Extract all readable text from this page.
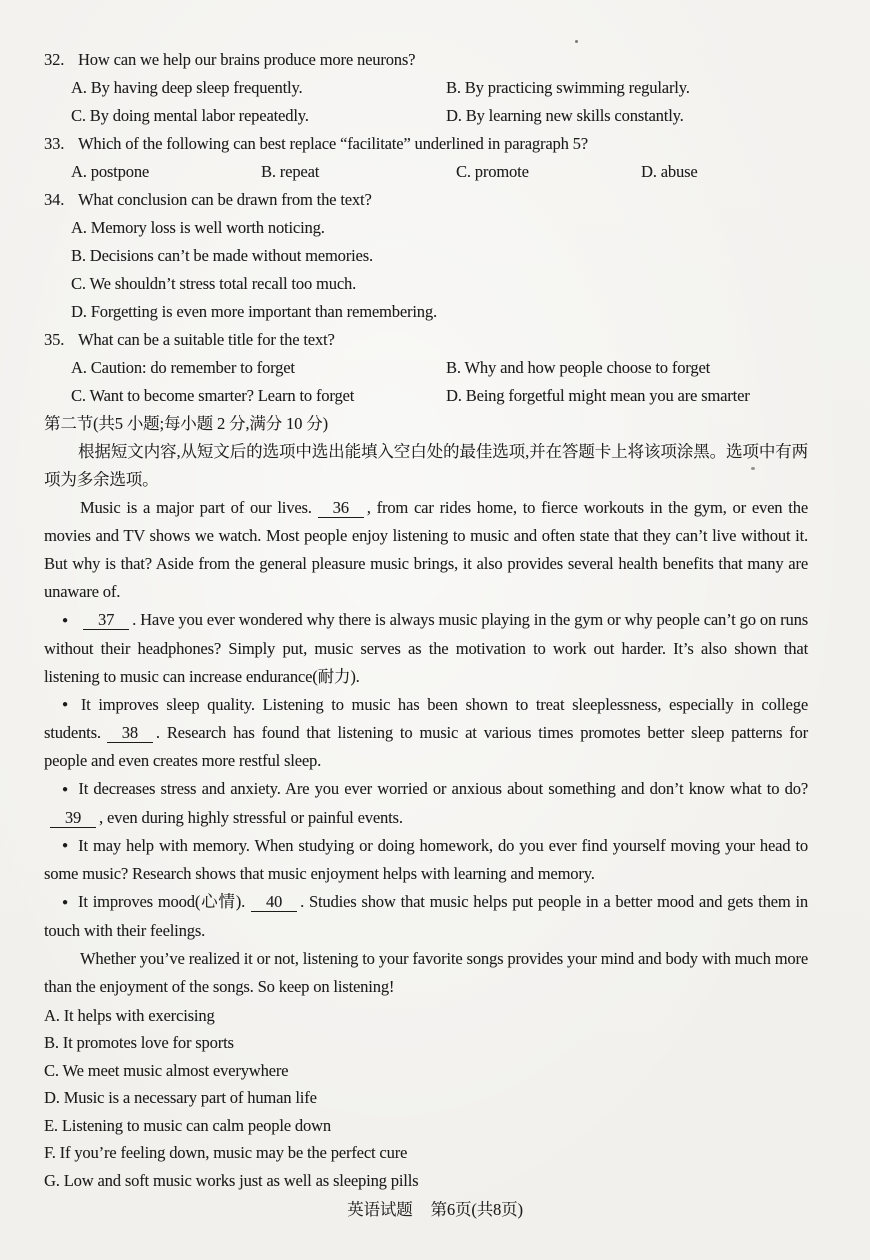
32. How can we help our brains produce more neurons?
A. By having deep sleep frequently.	B. By practicing swimming regularly.
C. By doing mental labor repeatedly.	D. By learning new skills constantly.
33. Which of the following can best replace “facilitate” underlined in paragraph 5?
A. postpone	B. repeat	C. promote	D. abuse
34. What conclusion can be drawn from the text?
A. Memory loss is well worth noticing.
B. Decisions can’t be made without memories.
C. We shouldn’t stress total recall too much.
D. Forgetting is even more important than remembering.
35. What can be a suitable title for the text?
A. Caution: do remember to forget	B. Why and how people choose to forget
C. Want to become smarter? Learn to forget	D. Being forgetful might mean you are smarter
第二节(共5 小题;每小题 2 分,满分 10 分)

根据短文内容,从短文后的选项中选出能填入空白处的最佳选项,并在答题卡上将该项涂黑。选项中有两项为多余选项。

Music is a major part of our lives. 36 , from car rides home, to fierce workouts in the gym, or even the movies and TV shows we watch. Most people enjoy listening to music and often state that they can’t live without it. But why is that? Aside from the general pleasure music brings, it also provides several health benefits that many are unaware of.

● 37 . Have you ever wondered why there is always music playing in the gym or why people can’t go on runs without their headphones? Simply put, music serves as the motivation to work out harder. It’s also shown that listening to music can increase endurance(耐力).

● It improves sleep quality. Listening to music has been shown to treat sleeplessness, especially in college students. 38 . Research has found that listening to music at various times promotes better sleep patterns for people and even creates more restful sleep.

● It decreases stress and anxiety. Are you ever worried or anxious about something and don’t know what to do?39 , even during highly stressful or painful events.

● It may help with memory. When studying or doing homework, do you ever find yourself moving your head to some music? Research shows that music enjoyment helps with learning and memory.

● It improves mood(心情). 40 . Studies show that music helps put people in a better mood and gets them in touch with their feelings.

Whether you’ve realized it or not, listening to your favorite songs provides your mind and body with much more than the enjoyment of the songs. So keep on listening!

A. It helps with exercising
B. It promotes love for sports
C. We meet music almost everywhere
D. Music is a necessary part of human life
E. Listening to music can calm people down
F. If you’re feeling down, music may be the perfect cure
G. Low and soft music works just as well as sleeping pills
英语试题 第6页(共8页)
